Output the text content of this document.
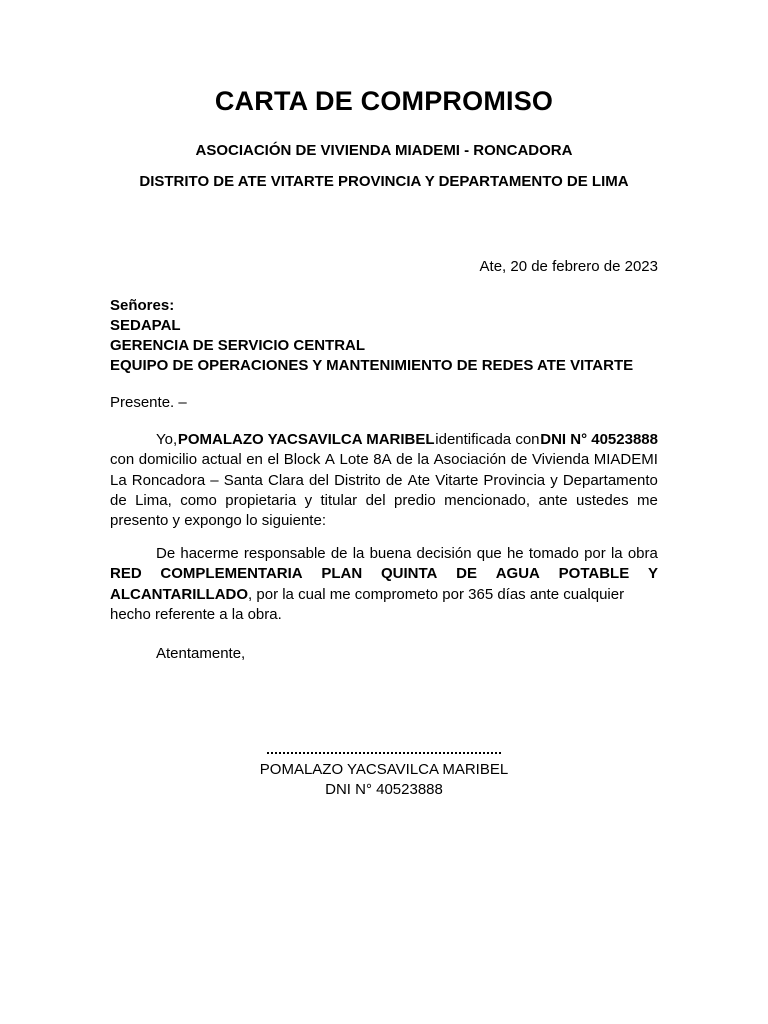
CARTA DE COMPROMISO
ASOCIACIÓN DE VIVIENDA MIADEMI - RONCADORA
DISTRITO DE ATE VITARTE PROVINCIA Y DEPARTAMENTO DE LIMA
Ate, 20 de febrero de 2023
Señores:
SEDAPAL
GERENCIA DE SERVICIO CENTRAL
EQUIPO DE OPERACIONES Y MANTENIMIENTO DE REDES ATE VITARTE
Presente. –
Yo, POMALAZO YACSAVILCA MARIBEL identificada con DNI N° 40523888
con domicilio actual en el Block A Lote 8A de la Asociación de Vivienda MIADEMI
La Roncadora – Santa Clara del Distrito de Ate Vitarte Provincia y Departamento
de Lima, como propietaria y titular del predio mencionado, ante ustedes me
presento y expongo lo siguiente:
De hacerme responsable de la buena decisión que he tomado por la obra
RED COMPLEMENTARIA PLAN QUINTA DE AGUA POTABLE Y
ALCANTARILLADO, por la cual me comprometo por 365 días ante cualquier
hecho referente a la obra.
Atentamente,
POMALAZO YACSAVILCA MARIBEL
DNI N° 40523888
